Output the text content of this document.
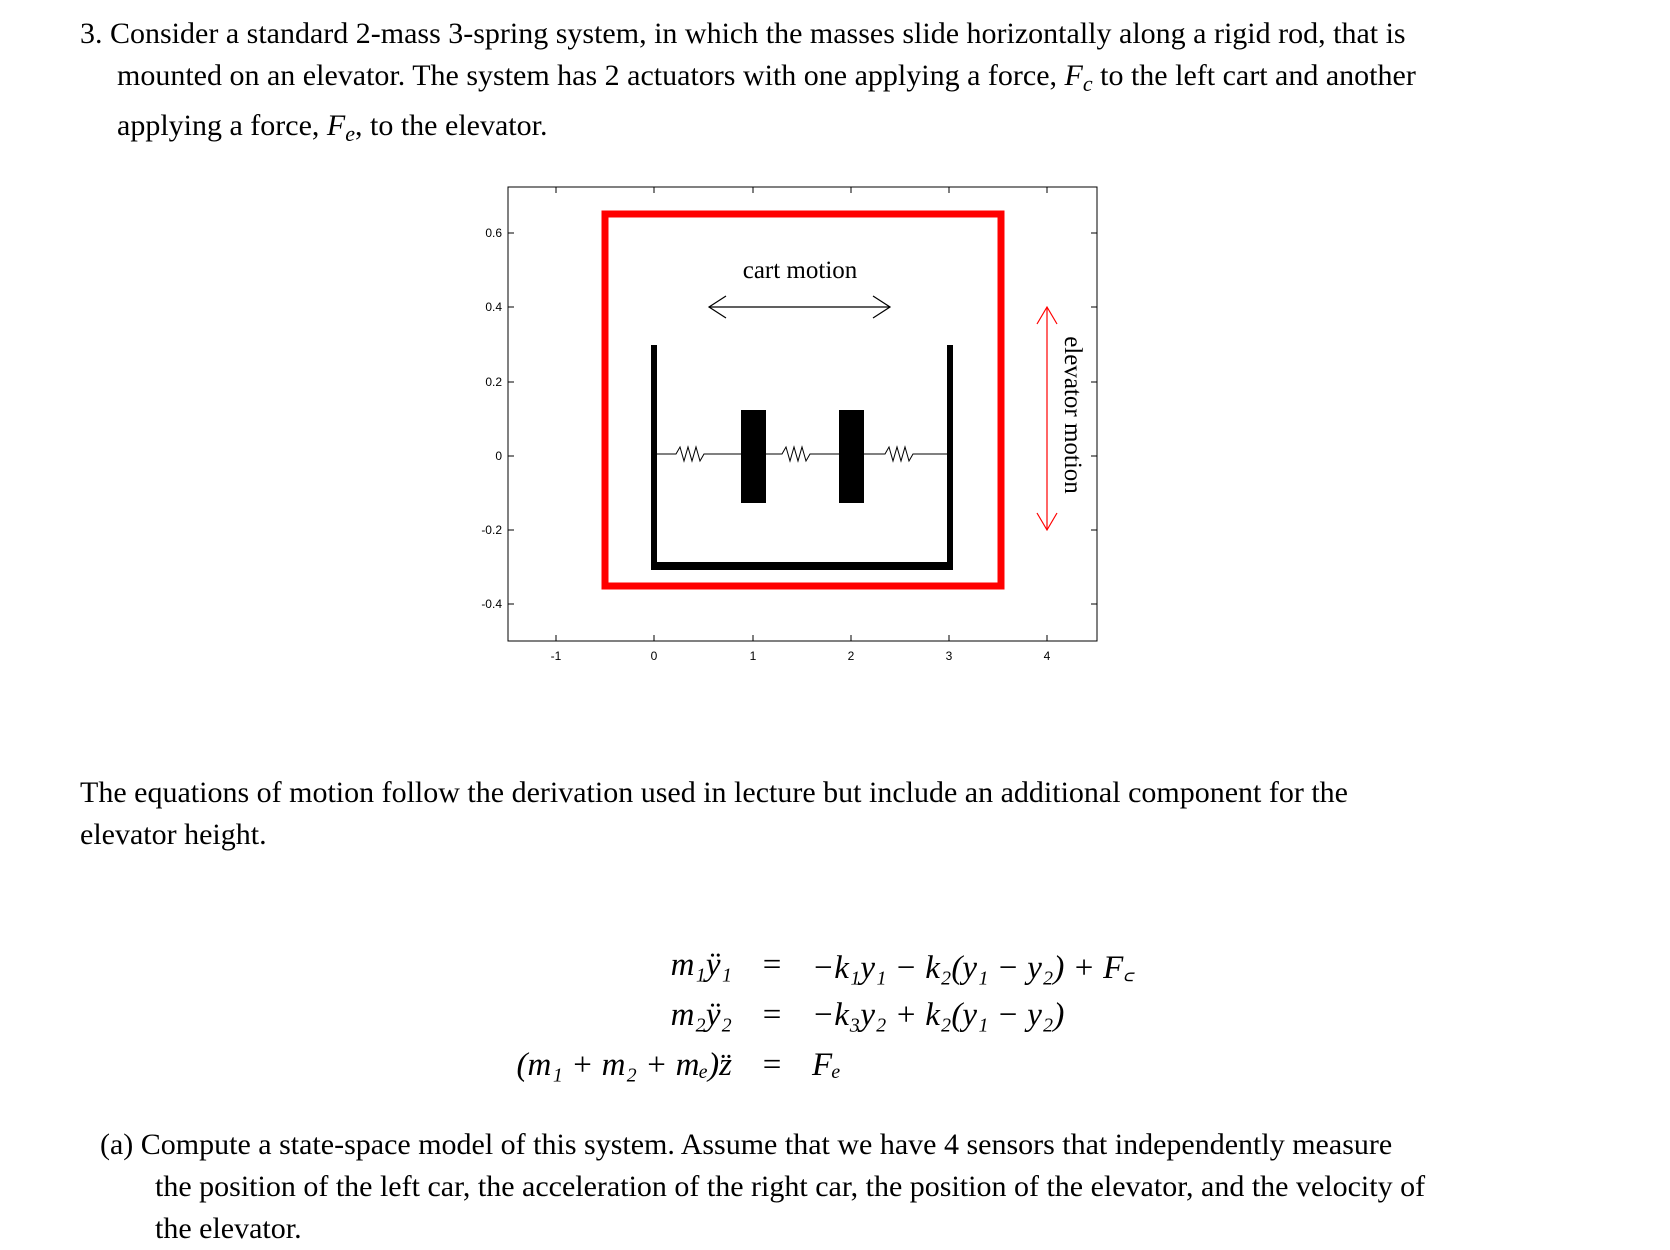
3. Consider a standard 2-mass 3-spring system, in which the masses slide horizontally along a rigid rod, that is
mounted on an elevator. The system has 2 actuators with one applying a force, $F_c$ to the left cart and another
applying a force, $F_e$, to the elevator.
0.6
0.4
0.2
0
-0.2
-0.4
-1	0	1	2	3	4
cart motion
elevator motion
The equations of motion follow the derivation used in lecture but include an additional component for the
elevator height.
m₁ÿ₁ = −k₁y₁ − k₂(y₁ − y₂) + F꜀
m₂ÿ₂ = −k₃y₂ + k₂(y₁ − y₂)
(m₁ + m₂ + mₑ)z̈ = Fₑ
(a) Compute a state-space model of this system. Assume that we have 4 sensors that independently measure
the position of the left car, the acceleration of the right car, the position of the elevator, and the velocity of
the elevator.
